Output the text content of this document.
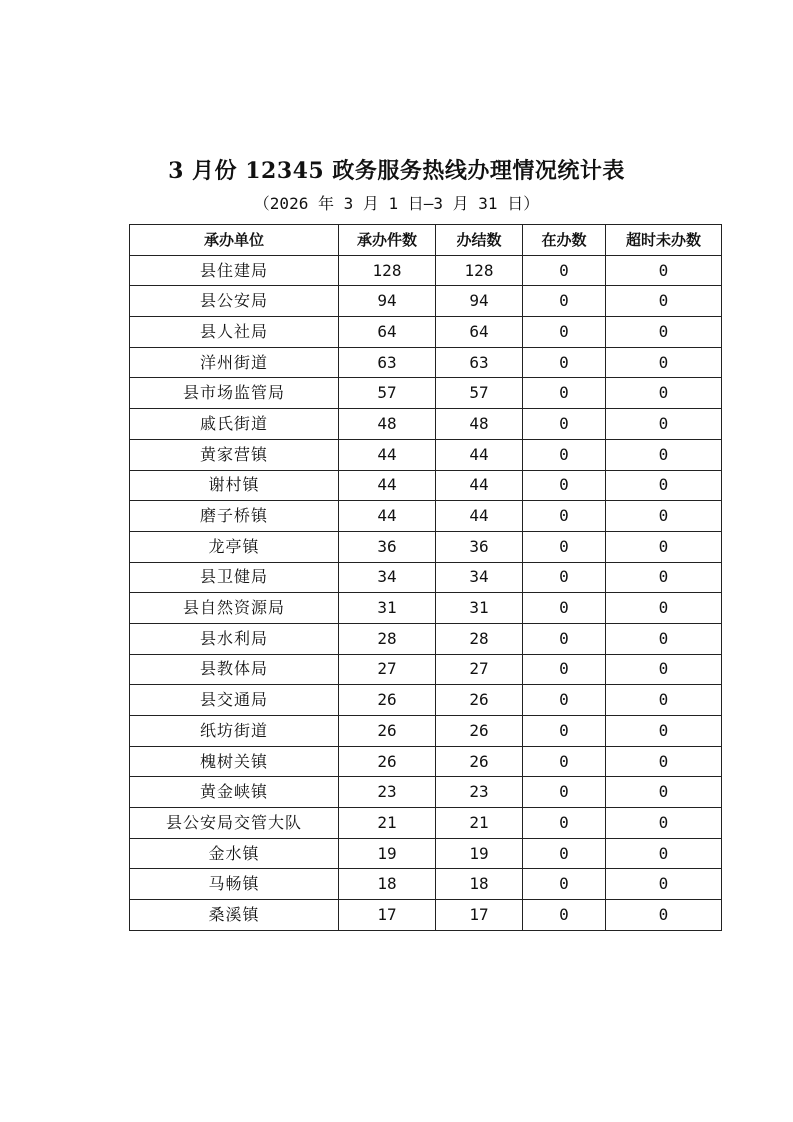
3 月份 12345 政务服务热线办理情况统计表
（2026 年 3 月 1 日—3 月 31 日）
承办单位	承办件数	办结数	在办数	超时未办数
县住建局	128	128	0	0
县公安局	94	94	0	0
县人社局	64	64	0	0
洋州街道	63	63	0	0
县市场监管局	57	57	0	0
戚氏街道	48	48	0	0
黄家营镇	44	44	0	0
谢村镇	44	44	0	0
磨子桥镇	44	44	0	0
龙亭镇	36	36	0	0
县卫健局	34	34	0	0
县自然资源局	31	31	0	0
县水利局	28	28	0	0
县教体局	27	27	0	0
县交通局	26	26	0	0
纸坊街道	26	26	0	0
槐树关镇	26	26	0	0
黄金峡镇	23	23	0	0
县公安局交管大队	21	21	0	0
金水镇	19	19	0	0
马畅镇	18	18	0	0
桑溪镇	17	17	0	0
